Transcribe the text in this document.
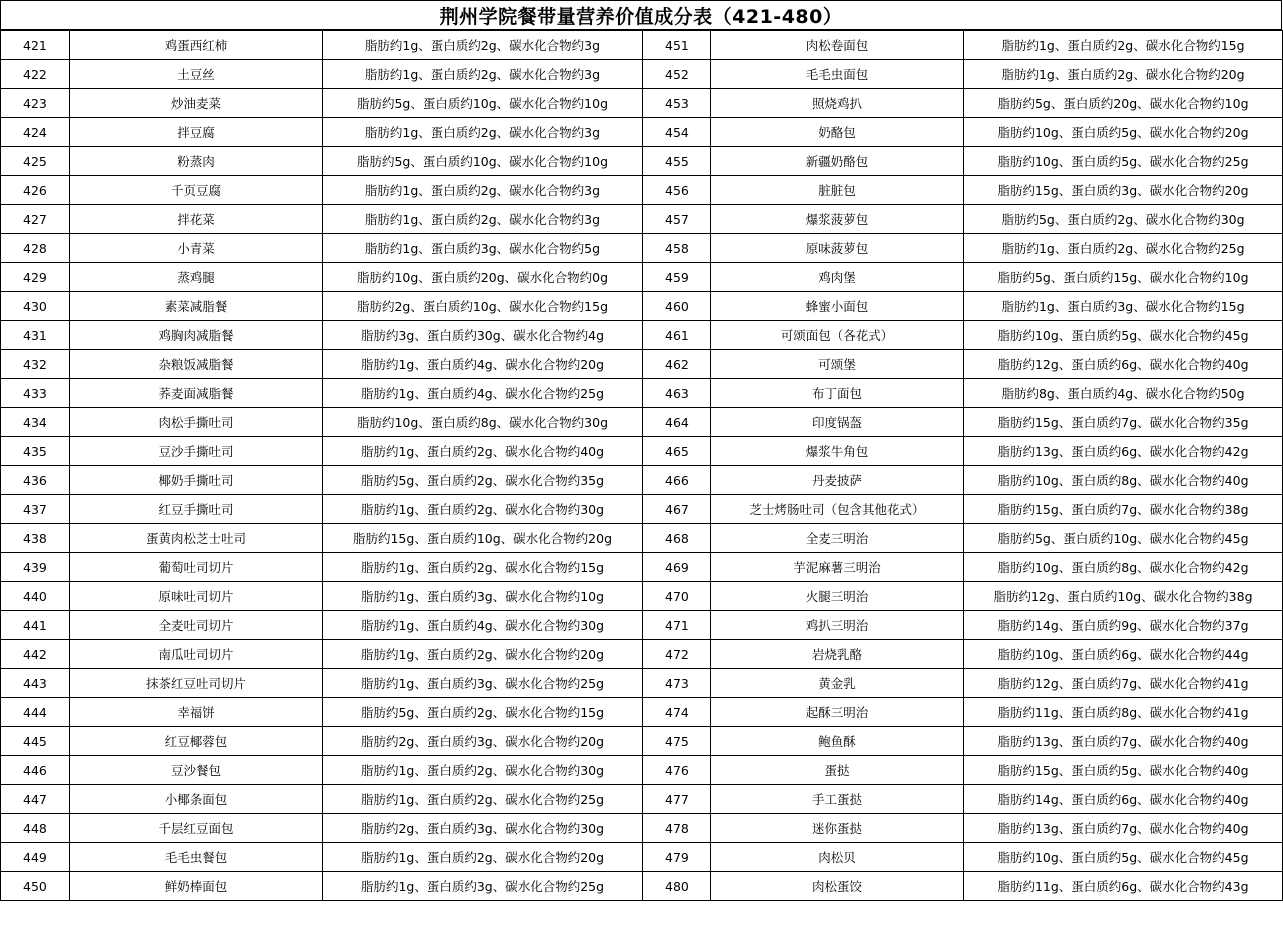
荆州学院餐带量营养价值成分表（421-480）
421	鸡蛋西红柿	脂肪约1g、蛋白质约2g、碳水化合物约3g	451	肉松卷面包	脂肪约1g、蛋白质约2g、碳水化合物约15g
422	土豆丝	脂肪约1g、蛋白质约2g、碳水化合物约3g	452	毛毛虫面包	脂肪约1g、蛋白质约2g、碳水化合物约20g
423	炒油麦菜	脂肪约5g、蛋白质约10g、碳水化合物约10g	453	照烧鸡扒	脂肪约5g、蛋白质约20g、碳水化合物约10g
424	拌豆腐	脂肪约1g、蛋白质约2g、碳水化合物约3g	454	奶酪包	脂肪约10g、蛋白质约5g、碳水化合物约20g
425	粉蒸肉	脂肪约5g、蛋白质约10g、碳水化合物约10g	455	新疆奶酪包	脂肪约10g、蛋白质约5g、碳水化合物约25g
426	千页豆腐	脂肪约1g、蛋白质约2g、碳水化合物约3g	456	脏脏包	脂肪约15g、蛋白质约3g、碳水化合物约20g
427	拌花菜	脂肪约1g、蛋白质约2g、碳水化合物约3g	457	爆浆菠萝包	脂肪约5g、蛋白质约2g、碳水化合物约30g
428	小青菜	脂肪约1g、蛋白质约3g、碳水化合物约5g	458	原味菠萝包	脂肪约1g、蛋白质约2g、碳水化合物约25g
429	蒸鸡腿	脂肪约10g、蛋白质约20g、碳水化合物约0g	459	鸡肉堡	脂肪约5g、蛋白质约15g、碳水化合物约10g
430	素菜减脂餐	脂肪约2g、蛋白质约10g、碳水化合物约15g	460	蜂蜜小面包	脂肪约1g、蛋白质约3g、碳水化合物约15g
431	鸡胸肉减脂餐	脂肪约3g、蛋白质约30g、碳水化合物约4g	461	可颂面包（各花式）	脂肪约10g、蛋白质约5g、碳水化合物约45g
432	杂粮饭减脂餐	脂肪约1g、蛋白质约4g、碳水化合物约20g	462	可颂堡	脂肪约12g、蛋白质约6g、碳水化合物约40g
433	荞麦面减脂餐	脂肪约1g、蛋白质约4g、碳水化合物约25g	463	布丁面包	脂肪约8g、蛋白质约4g、碳水化合物约50g
434	肉松手撕吐司	脂肪约10g、蛋白质约8g、碳水化合物约30g	464	印度锅盔	脂肪约15g、蛋白质约7g、碳水化合物约35g
435	豆沙手撕吐司	脂肪约1g、蛋白质约2g、碳水化合物约40g	465	爆浆牛角包	脂肪约13g、蛋白质约6g、碳水化合物约42g
436	椰奶手撕吐司	脂肪约5g、蛋白质约2g、碳水化合物约35g	466	丹麦披萨	脂肪约10g、蛋白质约8g、碳水化合物约40g
437	红豆手撕吐司	脂肪约1g、蛋白质约2g、碳水化合物约30g	467	芝士烤肠吐司（包含其他花式）	脂肪约15g、蛋白质约7g、碳水化合物约38g
438	蛋黄肉松芝士吐司	脂肪约15g、蛋白质约10g、碳水化合物约20g	468	全麦三明治	脂肪约5g、蛋白质约10g、碳水化合物约45g
439	葡萄吐司切片	脂肪约1g、蛋白质约2g、碳水化合物约15g	469	芋泥麻薯三明治	脂肪约10g、蛋白质约8g、碳水化合物约42g
440	原味吐司切片	脂肪约1g、蛋白质约3g、碳水化合物约10g	470	火腿三明治	脂肪约12g、蛋白质约10g、碳水化合物约38g
441	全麦吐司切片	脂肪约1g、蛋白质约4g、碳水化合物约30g	471	鸡扒三明治	脂肪约14g、蛋白质约9g、碳水化合物约37g
442	南瓜吐司切片	脂肪约1g、蛋白质约2g、碳水化合物约20g	472	岩烧乳酪	脂肪约10g、蛋白质约6g、碳水化合物约44g
443	抹茶红豆吐司切片	脂肪约1g、蛋白质约3g、碳水化合物约25g	473	黄金乳	脂肪约12g、蛋白质约7g、碳水化合物约41g
444	幸福饼	脂肪约5g、蛋白质约2g、碳水化合物约15g	474	起酥三明治	脂肪约11g、蛋白质约8g、碳水化合物约41g
445	红豆椰蓉包	脂肪约2g、蛋白质约3g、碳水化合物约20g	475	鲍鱼酥	脂肪约13g、蛋白质约7g、碳水化合物约40g
446	豆沙餐包	脂肪约1g、蛋白质约2g、碳水化合物约30g	476	蛋挞	脂肪约15g、蛋白质约5g、碳水化合物约40g
447	小椰条面包	脂肪约1g、蛋白质约2g、碳水化合物约25g	477	手工蛋挞	脂肪约14g、蛋白质约6g、碳水化合物约40g
448	千层红豆面包	脂肪约2g、蛋白质约3g、碳水化合物约30g	478	迷你蛋挞	脂肪约13g、蛋白质约7g、碳水化合物约40g
449	毛毛虫餐包	脂肪约1g、蛋白质约2g、碳水化合物约20g	479	肉松贝	脂肪约10g、蛋白质约5g、碳水化合物约45g
450	鲜奶棒面包	脂肪约1g、蛋白质约3g、碳水化合物约25g	480	肉松蛋饺	脂肪约11g、蛋白质约6g、碳水化合物约43g
